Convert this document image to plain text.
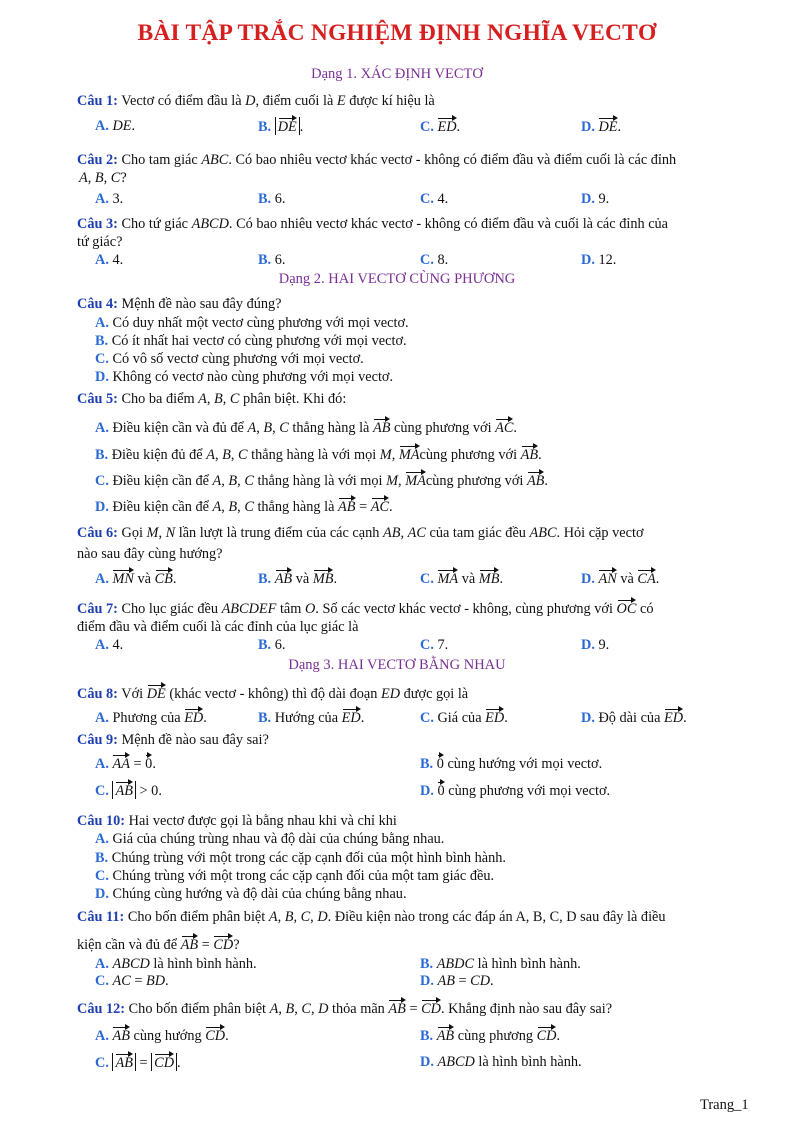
BÀI TẬP TRẮC NGHIỆM ĐỊNH NGHĨA VECTƠ
Dạng 1. XÁC ĐỊNH VECTƠ
Câu 1: Vectơ có điểm đầu là D, điểm cuối là E được kí hiệu là
A. DE.	B. DE .	C. ED.	D. DE.
Câu 2: Cho tam giác ABC. Có bao nhiêu vectơ khác vectơ - không có điểm đầu và điểm cuối là các đỉnh
A, B, C?
A. 3.	B. 6.	C. 4.	D. 9.
Câu 3: Cho tứ giác ABCD. Có bao nhiêu vectơ khác vectơ - không có điểm đầu và cuối là các đỉnh của
tứ giác?
A. 4.	B. 6.	C. 8.	D. 12.
Dạng 2. HAI VECTƠ CÙNG PHƯƠNG
Câu 4: Mệnh đề nào sau đây đúng?
A. Có duy nhất một vectơ cùng phương với mọi vectơ.
B. Có ít nhất hai vectơ có cùng phương với mọi vectơ.
C. Có vô số vectơ cùng phương với mọi vectơ.
D. Không có vectơ nào cùng phương với mọi vectơ.
Câu 5: Cho ba điểm A, B, C phân biệt. Khi đó:
A. Điều kiện cần và đủ để A, B, C thẳng hàng là AB cùng phương với AC.
B. Điều kiện đủ để A, B, C thẳng hàng là với mọi M, MAcùng phương với AB.
C. Điều kiện cần để A, B, C thẳng hàng là với mọi M, MAcùng phương với AB.
D. Điều kiện cần để A, B, C thẳng hàng là AB = AC.
Câu 6: Gọi M, N lần lượt là trung điểm của các cạnh AB, AC của tam giác đều ABC. Hỏi cặp vectơ
nào sau đây cùng hướng?
A. MN và CB.	B. AB và MB.	C. MA và MB.	D. AN và CA.
Câu 7: Cho lục giác đều ABCDEF tâm O. Số các vectơ khác vectơ - không, cùng phương với OC có
điểm đầu và điểm cuối là các đỉnh của lục giác là
A. 4.	B. 6.	C. 7.	D. 9.
Dạng 3. HAI VECTƠ BẰNG NHAU
Câu 8: Với DE (khác vectơ - không) thì độ dài đoạn ED được gọi là
A. Phương của ED.	B. Hướng của ED.	C. Giá của ED.	D. Độ dài của ED.
Câu 9: Mệnh đề nào sau đây sai?
A. AA = 0.	B. 0 cùng hướng với mọi vectơ.
C. AB > 0.	D. 0 cùng phương với mọi vectơ.
Câu 10: Hai vectơ được gọi là bằng nhau khi và chỉ khi
A. Giá của chúng trùng nhau và độ dài của chúng bằng nhau.
B. Chúng trùng với một trong các cặp cạnh đối của một hình bình hành.
C. Chúng trùng với một trong các cặp cạnh đối của một tam giác đều.
D. Chúng cùng hướng và độ dài của chúng bằng nhau.
Câu 11: Cho bốn điểm phân biệt A, B, C, D. Điều kiện nào trong các đáp án A, B, C, D sau đây là điều
kiện cần và đủ để AB = CD?
A. ABCD là hình bình hành.	B. ABDC là hình bình hành.
C. AC = BD.	D. AB = CD.
Câu 12: Cho bốn điểm phân biệt A, B, C, D thỏa mãn AB = CD. Khẳng định nào sau đây sai?
A. AB cùng hướng CD.	B. AB cùng phương CD.
C. AB = CD .	D. ABCD là hình bình hành.
Trang_1
